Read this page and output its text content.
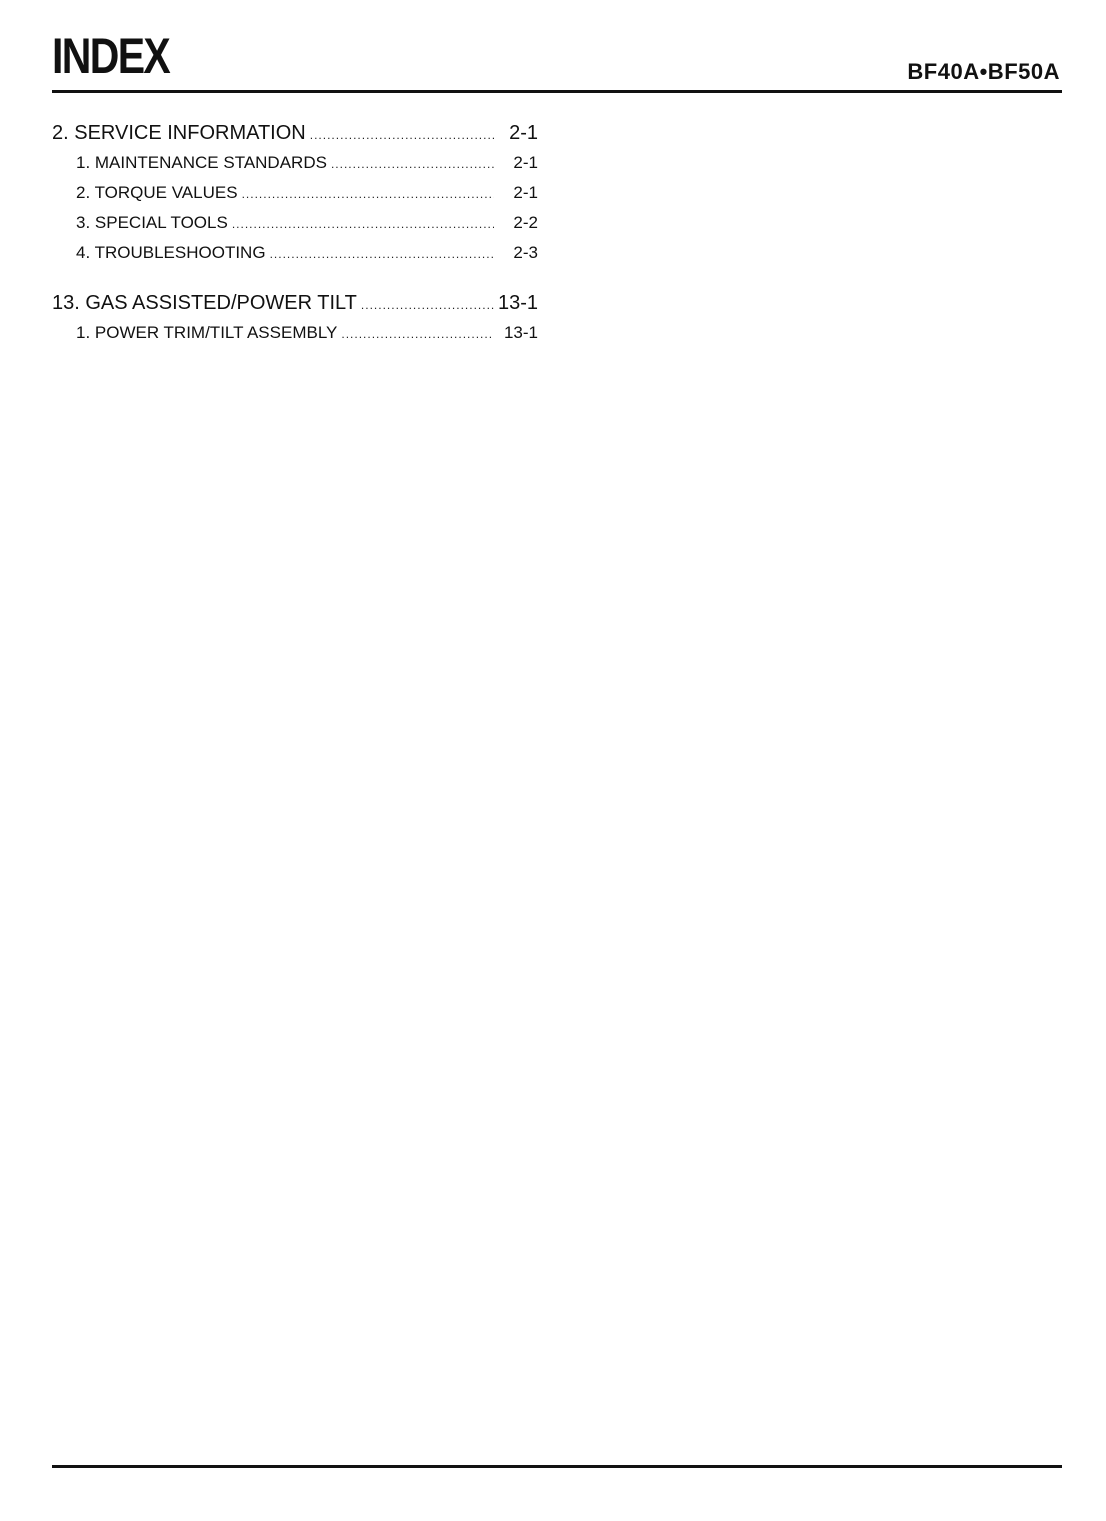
INDEX	BF40A•BF50A
2. SERVICE INFORMATION .....	2-1
1. MAINTENANCE STANDARDS .....	2-1
2. TORQUE VALUES .....	2-1
3. SPECIAL TOOLS .....	2-2
4. TROUBLESHOOTING .....	2-3
13. GAS ASSISTED/POWER TILT .....	13-1
1. POWER TRIM/TILT ASSEMBLY .....	13-1
